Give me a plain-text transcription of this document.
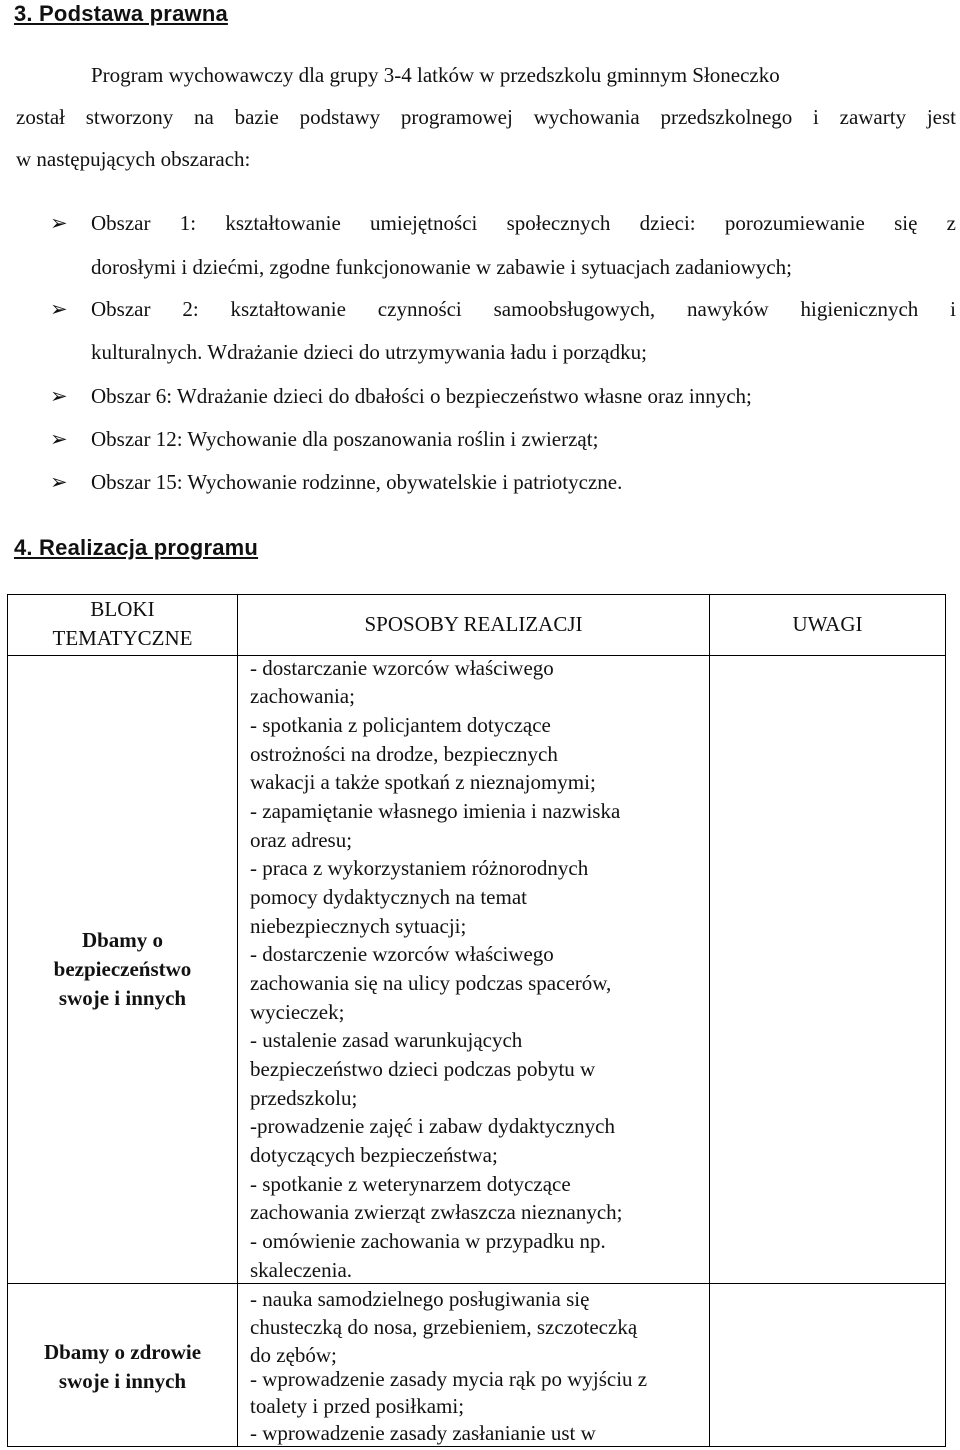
3. Podstawa prawna
Program wychowawczy dla grupy 3-4 latków w przedszkolu gminnym Słoneczko
został stworzony na bazie podstawy programowej wychowania przedszkolnego i zawarty jest
w następujących obszarach:
➢ Obszar 1: kształtowanie umiejętności społecznych dzieci: porozumiewanie się z
dorosłymi i dziećmi, zgodne funkcjonowanie w zabawie i sytuacjach zadaniowych;
➢ Obszar 2: kształtowanie czynności samoobsługowych, nawyków higienicznych i
kulturalnych. Wdrażanie dzieci do utrzymywania ładu i porządku;
➢ Obszar 6: Wdrażanie dzieci do dbałości o bezpieczeństwo własne oraz innych;
➢ Obszar 12: Wychowanie dla poszanowania roślin i zwierząt;
➢ Obszar 15: Wychowanie rodzinne, obywatelskie i patriotyczne.
4. Realizacja programu
BLOKI
TEMATYCZNE
SPOSOBY REALIZACJI	UWAGI
Dbamy o
bezpieczeństwo
swoje i innych
- dostarczanie wzorców właściwego
zachowania;
- spotkania z policjantem dotyczące
ostrożności na drodze, bezpiecznych
wakacji a także spotkań z nieznajomymi;
- zapamiętanie własnego imienia i nazwiska
oraz adresu;
- praca z wykorzystaniem różnorodnych
pomocy dydaktycznych na temat
niebezpiecznych sytuacji;
- dostarczenie wzorców właściwego
zachowania się na ulicy podczas spacerów,
wycieczek;
- ustalenie zasad warunkujących
bezpieczeństwo dzieci podczas pobytu w
przedszkolu;
-prowadzenie zajęć i zabaw dydaktycznych
dotyczących bezpieczeństwa;
- spotkanie z weterynarzem dotyczące
zachowania zwierząt zwłaszcza nieznanych;
- omówienie zachowania w przypadku np.
skaleczenia.
Dbamy o zdrowie
swoje i innych
- nauka samodzielnego posługiwania się
chusteczką do nosa, grzebieniem, szczoteczką
do zębów;
- wprowadzenie zasady mycia rąk po wyjściu z
toalety i przed posiłkami;
- wprowadzenie zasady zasłanianie ust w
